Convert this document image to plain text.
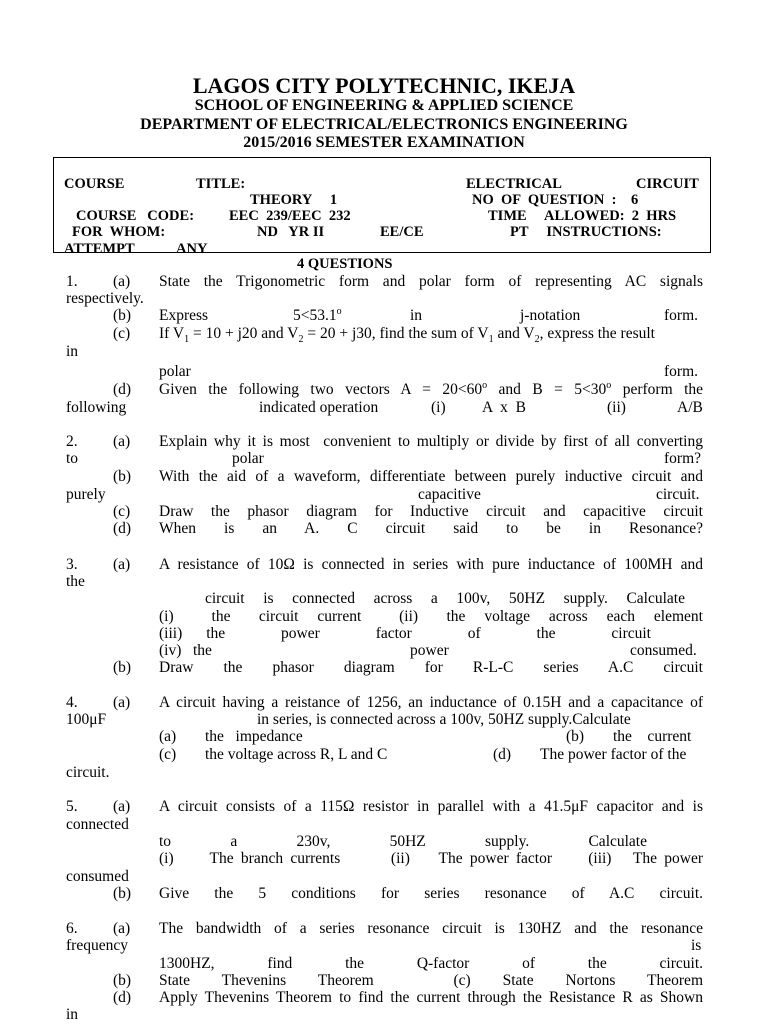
LAGOS CITY POLYTECHNIC, IKEJA
SCHOOL OF ENGINEERING & APPLIED SCIENCE
DEPARTMENT OF ELECTRICAL/ELECTRONICS ENGINEERING
2015/2016 SEMESTER EXAMINATION
COURSE	TITLE:	ELECTRICAL	CIRCUIT
THEORY     1	NO  OF  QUESTION  :    6
COURSE   CODE: EEC  239/EEC  232	TIME     ALLOWED:  2  HRS
FOR  WHOM:	ND   YR II	EE/CE	PT     INSTRUCTIONS:
ATTEMPT	ANY
4 QUESTIONS
1. (a) State the Trigonometric form and polar form of representing AC signals
respectively.
(b) Express	$5<53.1^o$	in	j-notation	form.
(c) If $V_1 = 10 + j20$ and $V_2 = 20 + j30$, find the sum of $V_1$ and $V_2$, express the result
in
polar	form.
(d) Given the following two vectors $A = 20<60^o$ and $B = 5<30^o$ perform the
following	indicated operation	(i) A  x  B	(ii)	A/B
2. (a) Explain why it is most  convenient to multiply or divide by first of all converting
to	polar	form?
(b) With the aid of a waveform, differentiate between purely inductive circuit and
purely	capacitive	circuit.
(c) Draw  the  phasor  diagram  for  Inductive  circuit  and  capacitive  circuit
(d) When   is   an   A.   C   circuit   said   to   be   in   Resonance?
3. (a) A resistance of 10Ω is connected in series with pure inductance of 100MH and
the
circuit  is  connected  across  a  100v,  50HZ  supply.  Calculate
(i)    the   circuit  current    (ii)   the  voltage  across  each  element
(iii)   the       power       factor       of       the       circuit
(iv)   the	power	consumed.
(b) Draw   the   phasor   diagram   for   R-L-C   series   A.C   circuit
4. (a) A circuit having a reistance of 1256, an inductance of 0.15H and a capacitance of
100μF	in series, is connected across a 100v, 50HZ supply.Calculate
(a) the   impedance	(b) the    current
(c) the voltage across R, L and C	(d) The power factor of the
circuit.
5. (a) A circuit consists of a 115Ω resistor in parallel with a 41.5μF capacitor and is
connected
to        a        230v,        50HZ        supply.        Calculate
(i)     The branch currents       (ii)    The power factor     (iii)   The power
consumed
(b) Give   the   5   conditions   for   series   resonance   of   A.C   circuit.
6. (a) The bandwidth of a series resonance circuit is 130HZ and the resonance
frequency	is
1300HZ,      find      the      Q-factor      of      the      circuit.
(b) State    Thevenins    Theorem          (c)    State    Nortons    Theorem
(d) Apply Thevenins Theorem to find the current through the Resistance R as Shown
in
